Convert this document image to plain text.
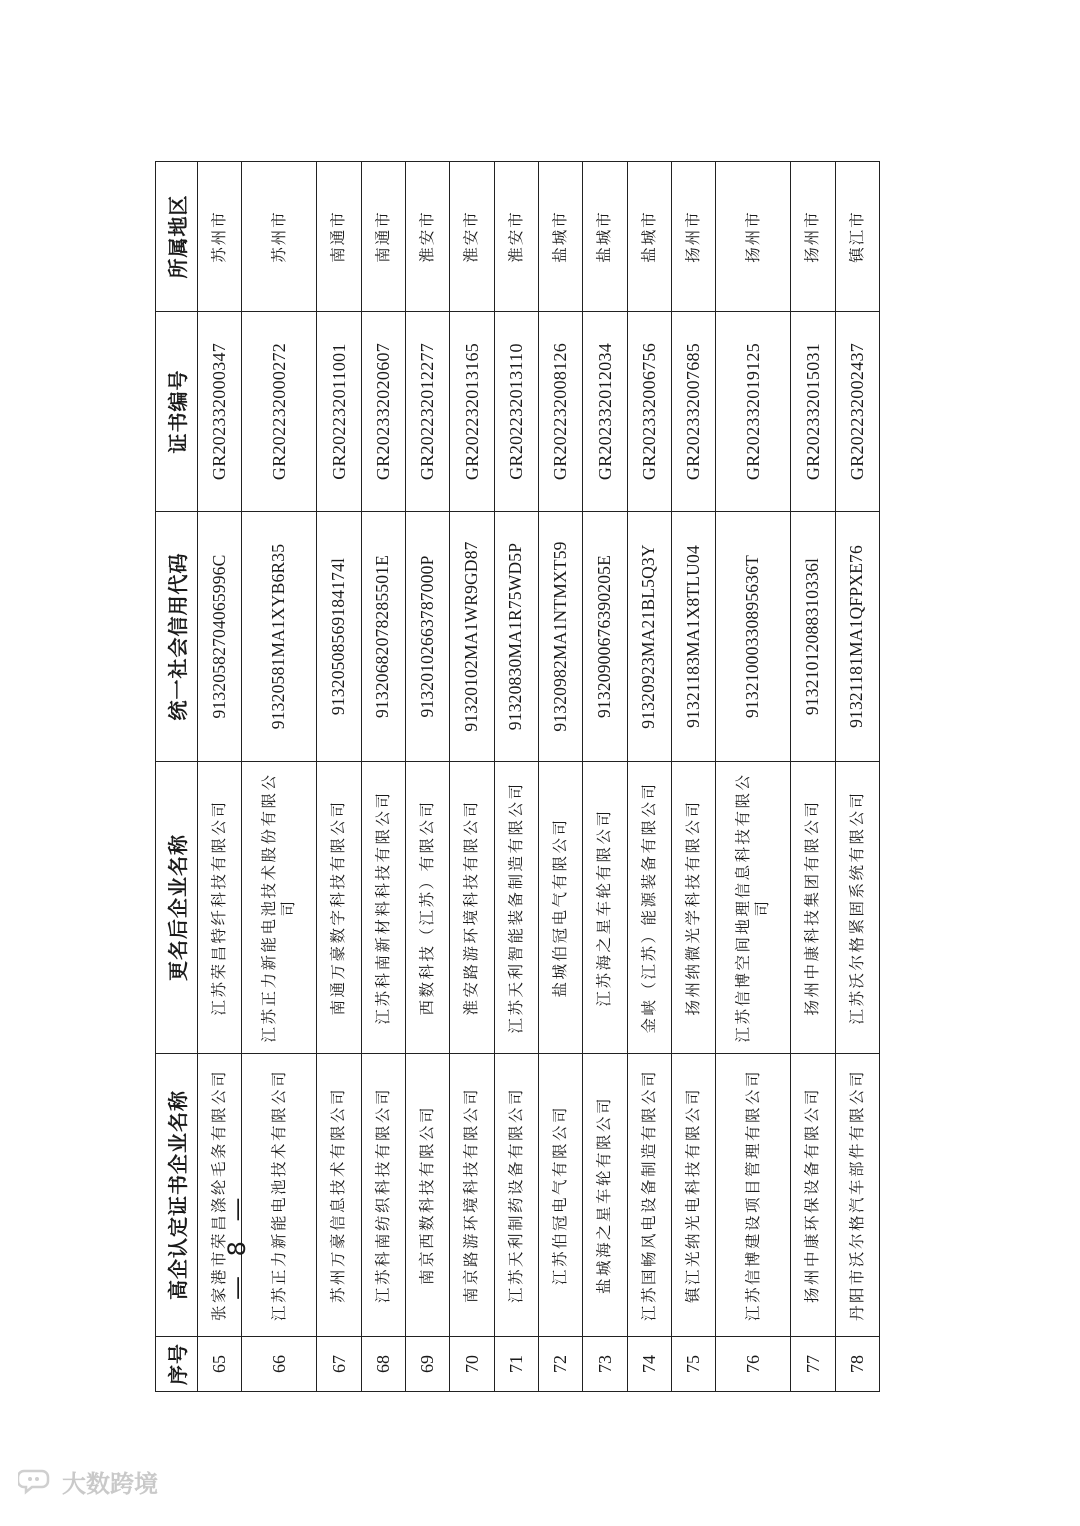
序号	高企认定证书企业名称	更名后企业名称	统一社会信用代码	证书编号	所属地区
65	张家港市荣昌涤纶毛条有限公司	江苏荣昌特纤科技有限公司	91320582704065996C	GR202332000347	苏州市
66	江苏正力新能电池技术有限公司	江苏正力新能电池技术股份有限公司	91320581MA1XYB6R35	GR202232000272	苏州市
67	苏州万豪信息技术有限公司	南通万豪数字科技有限公司	91320508569184174l	GR202232011001	南通市
68	江苏科南纺织科技有限公司	江苏科南新材料科技有限公司	91320682078285501E	GR202332020607	南通市
69	南京西数科技有限公司	西数科技（江苏）有限公司	91320102663787000P	GR202232012277	淮安市
70	南京路游环境科技有限公司	淮安路游环境科技有限公司	91320102MA1WR9GD87	GR202232013165	淮安市
71	江苏天利制药设备有限公司	江苏天利智能装备制造有限公司	91320830MA1R75WD5P	GR202232013110	淮安市
72	江苏伯冠电气有限公司	盐城伯冠电气有限公司	91320982MA1NTMXT59	GR202232008126	盐城市
73	盐城海之星车轮有限公司	江苏海之星车轮有限公司	91320900676390205E	GR202332012034	盐城市
74	江苏国畅风电设备制造有限公司	金峡（江苏）能源装备有限公司	91320923MA21BL5Q3Y	GR202332006756	盐城市
75	镇江光纳光电科技有限公司	扬州纳微光学科技有限公司	91321183MA1X8TLU04	GR202332007685	扬州市
76	江苏信博建设项目管理有限公司	江苏信博空间地理信息科技有限公司	91321000330895636T	GR202332019125	扬州市
77	扬州中康环保设备有限公司	扬州中康科技集团有限公司	91321012088310336l	GR202332015031	扬州市
78	丹阳市沃尔格汽车部件有限公司	江苏沃尔格紧固系统有限公司	91321181MA1QFPXE76	GR202232002437	镇江市
— 8 —
大数跨境
